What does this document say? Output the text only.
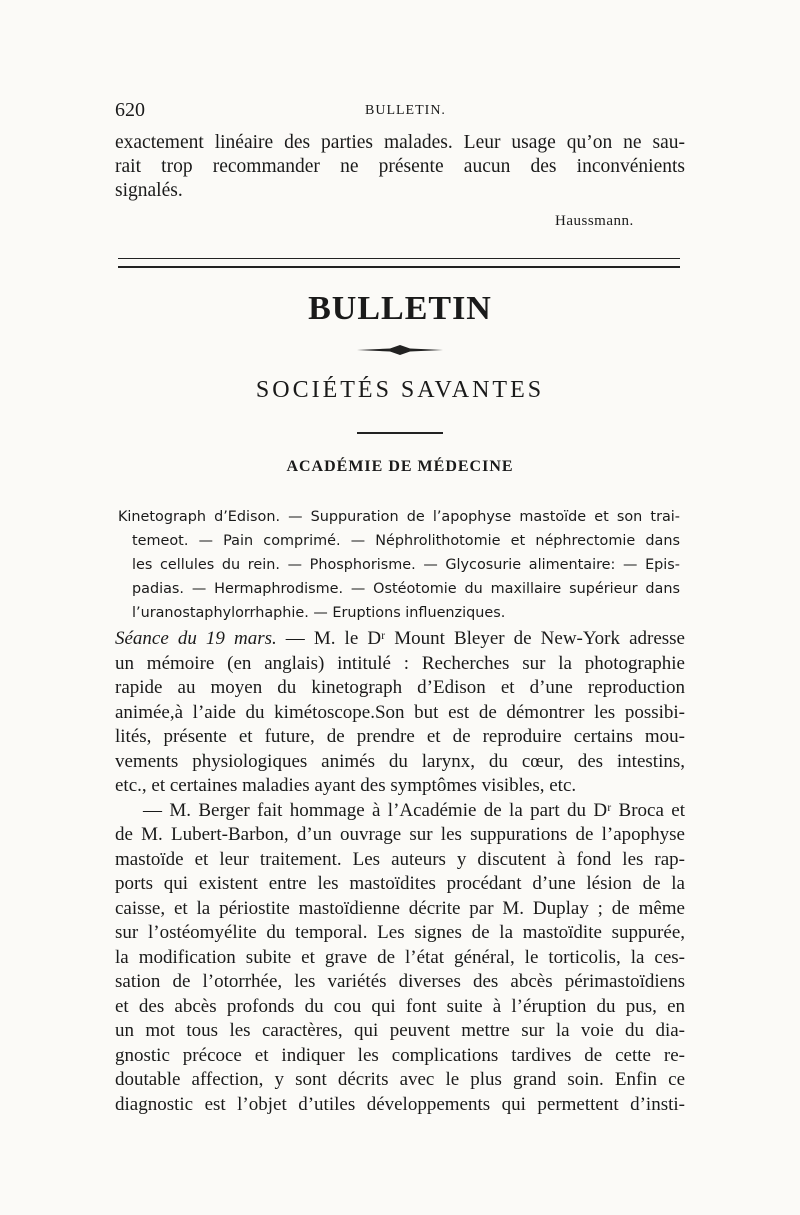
620	BULLETIN.
exactement linéaire des parties malades. Leur usage qu’on ne sau-
rait trop recommander ne présente aucun des inconvénients
signalés.
Haussmann.
BULLETIN
SOCIÉTÉS SAVANTES
ACADÉMIE DE MÉDECINE
Kinetograph d’Edison. — Suppuration de l’apophyse mastoïde et son trai-
temeot. — Pain comprimé. — Néphrolithotomie et néphrectomie dans
les cellules du rein. — Phosphorisme. — Glycosurie alimentaire: — Epis-
padias. — Hermaphrodisme. — Ostéotomie du maxillaire supérieur dans
l’uranostaphylorrhaphie. — Eruptions influenziques.
Séance du 19 mars. — M. le Dʳ Mount Bleyer de New-York adresse
un mémoire (en anglais) intitulé : Recherches sur la photographie
rapide au moyen du kinetograph d’Edison et d’une reproduction
animée,à l’aide du kimétoscope.Son but est de démontrer les possibi-
lités, présente et future, de prendre et de reproduire certains mou-
vements physiologiques animés du larynx, du cœur, des intestins,
etc., et certaines maladies ayant des symptômes visibles, etc.
— M. Berger fait hommage à l’Académie de la part du Dʳ Broca et
de M. Lubert-Barbon, d’un ouvrage sur les suppurations de l’apophyse
mastoïde et leur traitement. Les auteurs y discutent à fond les rap-
ports qui existent entre les mastoïdites procédant d’une lésion de la
caisse, et la périostite mastoïdienne décrite par M. Duplay ; de même
sur l’ostéomyélite du temporal. Les signes de la mastoïdite suppurée,
la modification subite et grave de l’état général, le torticolis, la ces-
sation de l’otorrhée, les variétés diverses des abcès périmastoïdiens
et des abcès profonds du cou qui font suite à l’éruption du pus, en
un mot tous les caractères, qui peuvent mettre sur la voie du dia-
gnostic précoce et indiquer les complications tardives de cette re-
doutable affection, y sont décrits avec le plus grand soin. Enfin ce
diagnostic est l’objet d’utiles développements qui permettent d’insti-
